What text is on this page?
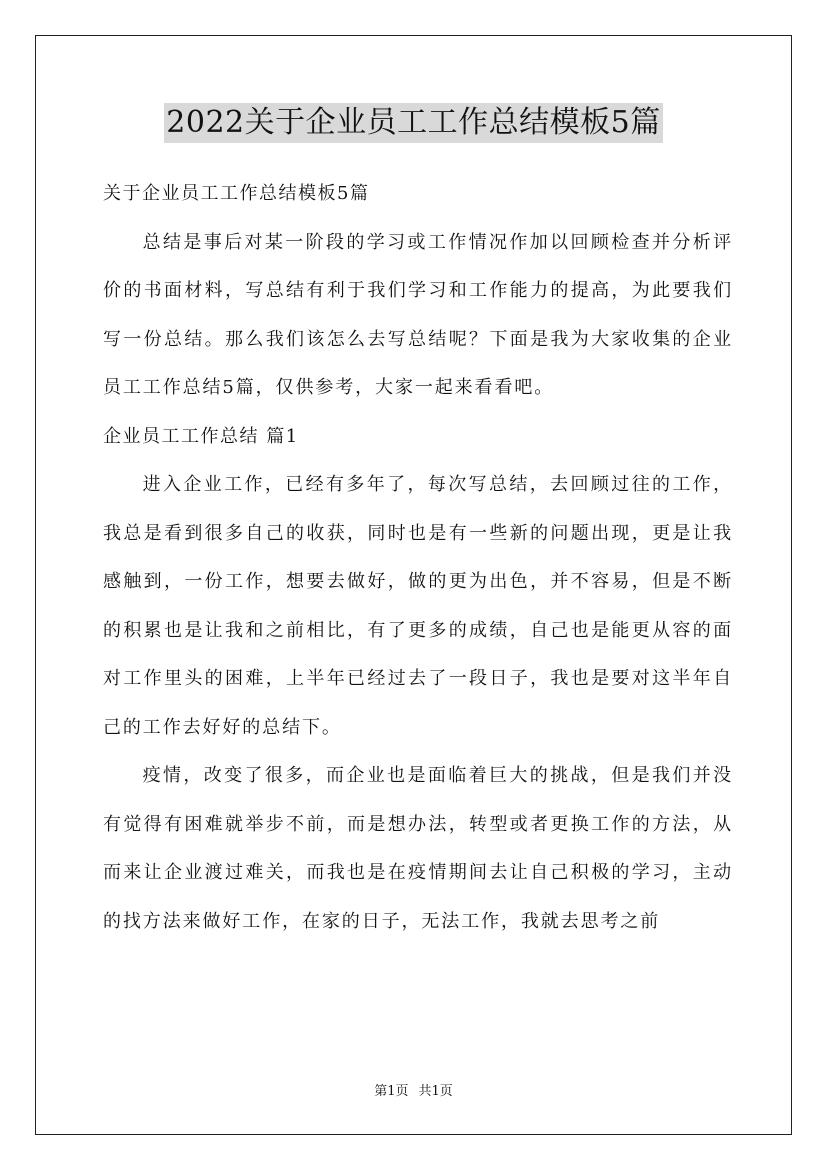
2022关于企业员工工作总结模板5篇

关于企业员工工作总结模板5篇

总结是事后对某一阶段的学习或工作情况作加以回顾检查并分析评价的书面材料，写总结有利于我们学习和工作能力的提高，为此要我们写一份总结。那么我们该怎么去写总结呢？下面是我为大家收集的企业员工工作总结5篇，仅供参考，大家一起来看看吧。

企业员工工作总结 篇1

进入企业工作，已经有多年了，每次写总结，去回顾过往的工作，我总是看到很多自己的收获，同时也是有一些新的问题出现，更是让我感触到，一份工作，想要去做好，做的更为出色，并不容易，但是不断的积累也是让我和之前相比，有了更多的成绩，自己也是能更从容的面对工作里头的困难，上半年已经过去了一段日子，我也是要对这半年自己的工作去好好的总结下。

疫情，改变了很多，而企业也是面临着巨大的挑战，但是我们并没有觉得有困难就举步不前，而是想办法，转型或者更换工作的方法，从而来让企业渡过难关，而我也是在疫情期间去让自己积极的学习，主动的找方法来做好工作，在家的日子，无法工作，我就去思考之前

第1页 共1页
